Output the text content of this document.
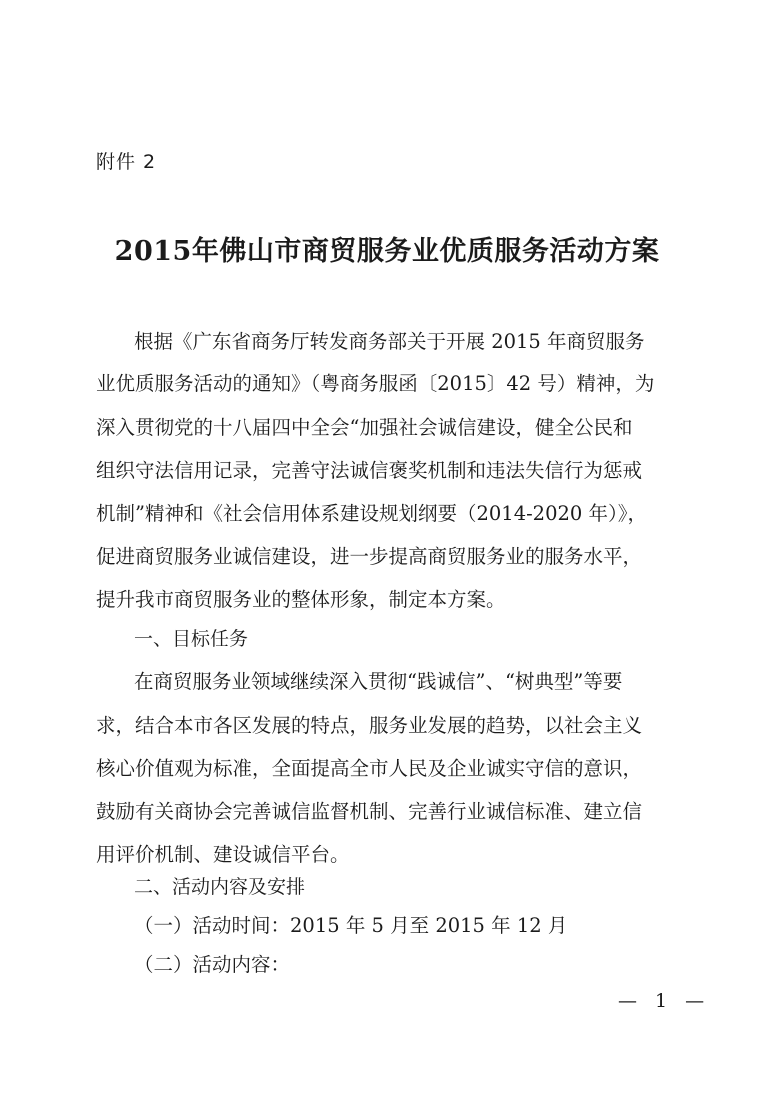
附件 2
2015年佛山市商贸服务业优质服务活动方案
根据《广东省商务厅转发商务部关于开展 2015 年商贸服务
业优质服务活动的通知》（粤商务服函〔2015〕42 号）精神，为
深入贯彻党的十八届四中全会“加强社会诚信建设，健全公民和
组织守法信用记录，完善守法诚信褒奖机制和违法失信行为惩戒
机制”精神和《社会信用体系建设规划纲要（2014-2020 年）》，
促进商贸服务业诚信建设，进一步提高商贸服务业的服务水平，
提升我市商贸服务业的整体形象，制定本方案。
一、目标任务
在商贸服务业领域继续深入贯彻“践诚信”、“树典型”等要
求，结合本市各区发展的特点，服务业发展的趋势，以社会主义
核心价值观为标准，全面提高全市人民及企业诚实守信的意识，
鼓励有关商协会完善诚信监督机制、完善行业诚信标准、建立信
用评价机制、建设诚信平台。
二、活动内容及安排
（一）活动时间：2015 年 5 月至 2015 年 12 月
（二）活动内容：
— 1 —
